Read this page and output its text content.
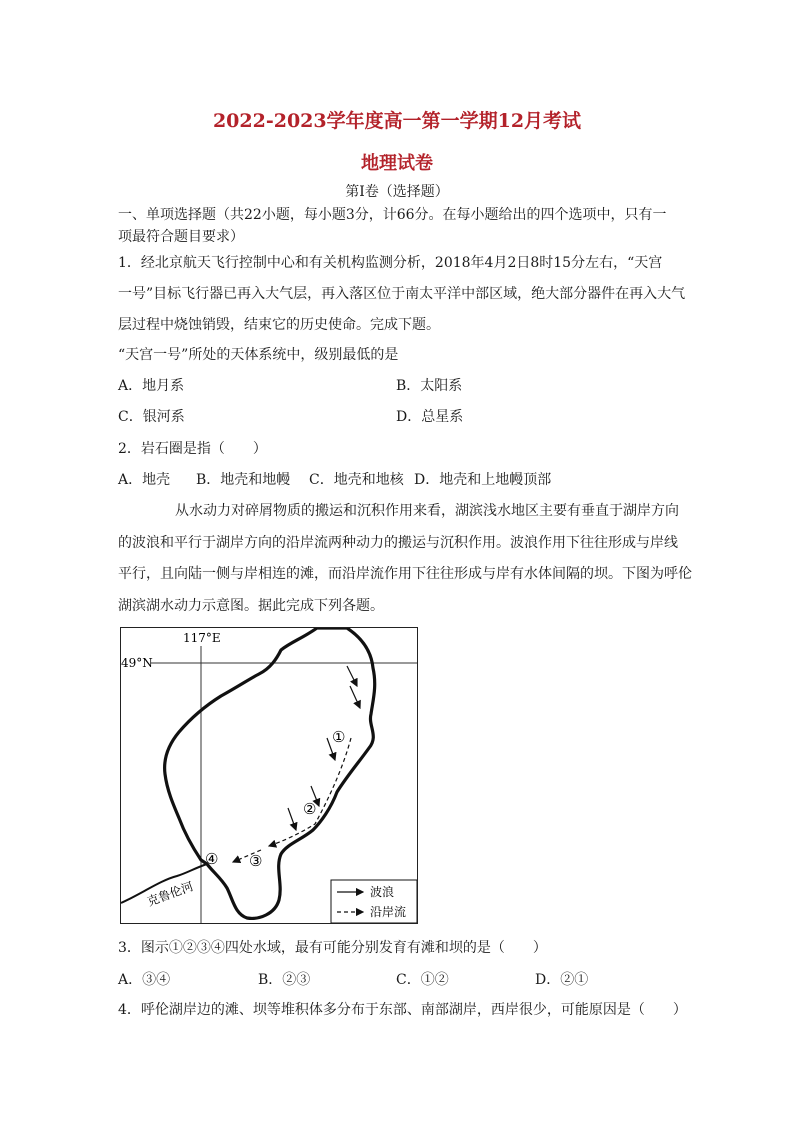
2022-2023学年度高一第一学期12月考试
地理试卷
第Ⅰ卷（选择题）
一、单项选择题（共22小题，每小题3分，计66分。在每小题给出的四个选项中，只有一
项最符合题目要求）
1．经北京航天飞行控制中心和有关机构监测分析，2018年4月2日8时15分左右，“天宫
一号”目标飞行器已再入大气层，再入落区位于南太平洋中部区域，绝大部分器件在再入大气
层过程中烧蚀销毁，结束它的历史使命。完成下题。
“天宫一号”所处的天体系统中，级别最低的是
A．地月系	B．太阳系
C．银河系	D．总星系
2．岩石圈是指（　　）
A．地壳 B．地壳和地幔 C．地壳和地核 D．地壳和上地幔顶部
从水动力对碎屑物质的搬运和沉积作用来看，湖滨浅水地区主要有垂直于湖岸方向
的波浪和平行于湖岸方向的沿岸流两种动力的搬运与沉积作用。波浪作用下往往形成与岸线
平行，且向陆一侧与岸相连的滩，而沿岸流作用下往往形成与岸有水体间隔的坝。下图为呼伦
湖滨湖水动力示意图。据此完成下列各题。
117°E
49°N
克鲁伦河
①
②
③
④
波浪
沿岸流
3．图示①②③④四处水域，最有可能分别发育有滩和坝的是（　　）
A．③④	B．②③	C．①②	D．②①
4．呼伦湖岸边的滩、坝等堆积体多分布于东部、南部湖岸，西岸很少，可能原因是（　　）
